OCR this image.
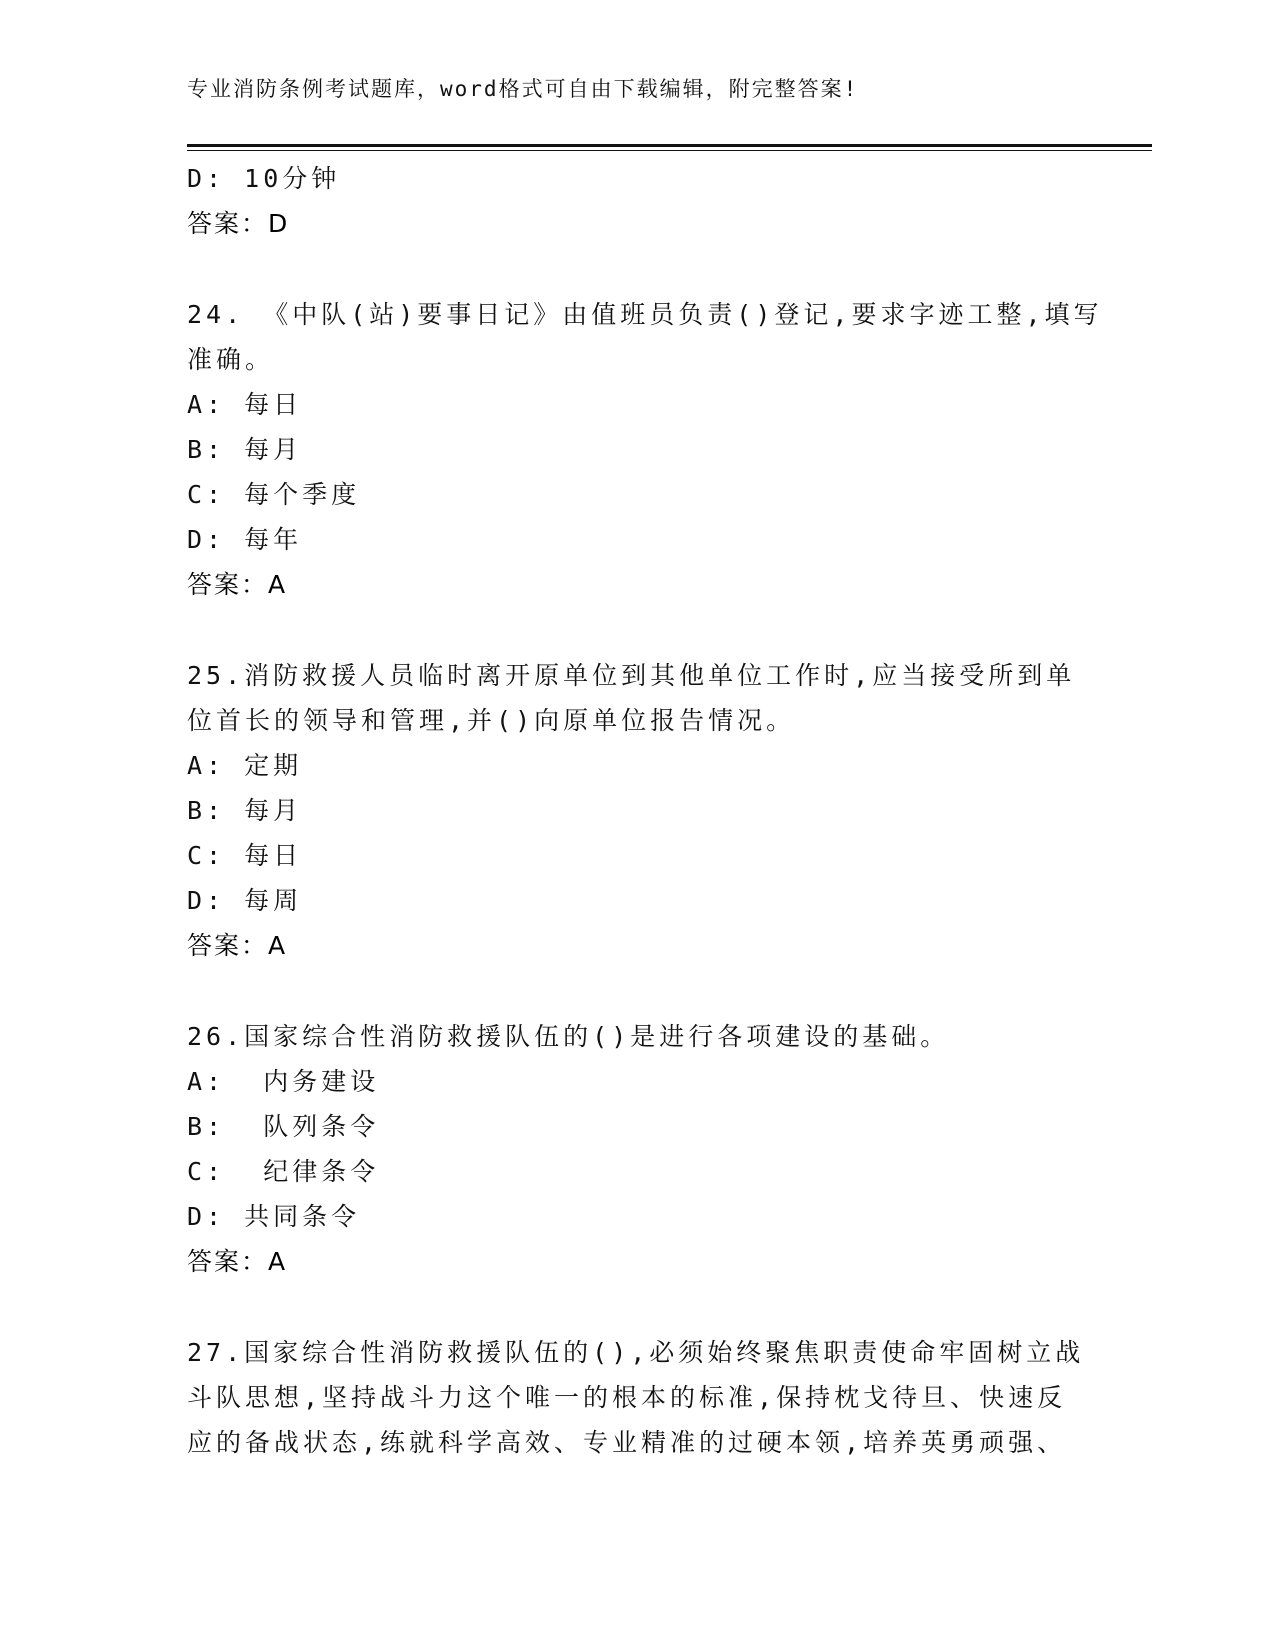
专业消防条例考试题库，word格式可自由下载编辑，附完整答案!
D: 10分钟
答案：D
24. 《中队(站)要事日记》由值班员负责()登记,要求字迹工整,填写
准确。
A: 每日
B: 每月
C: 每个季度
D: 每年
答案：A
25.消防救援人员临时离开原单位到其他单位工作时,应当接受所到单
位首长的领导和管理,并()向原单位报告情况。
A: 定期
B: 每月
C: 每日
D: 每周
答案：A
26.国家综合性消防救援队伍的()是进行各项建设的基础。
A:  内务建设
B:  队列条令
C:  纪律条令
D: 共同条令
答案：A
27.国家综合性消防救援队伍的(),必须始终聚焦职责使命牢固树立战
斗队思想,坚持战斗力这个唯一的根本的标准,保持枕戈待旦、快速反
应的备战状态,练就科学高效、专业精准的过硬本领,培养英勇顽强、
